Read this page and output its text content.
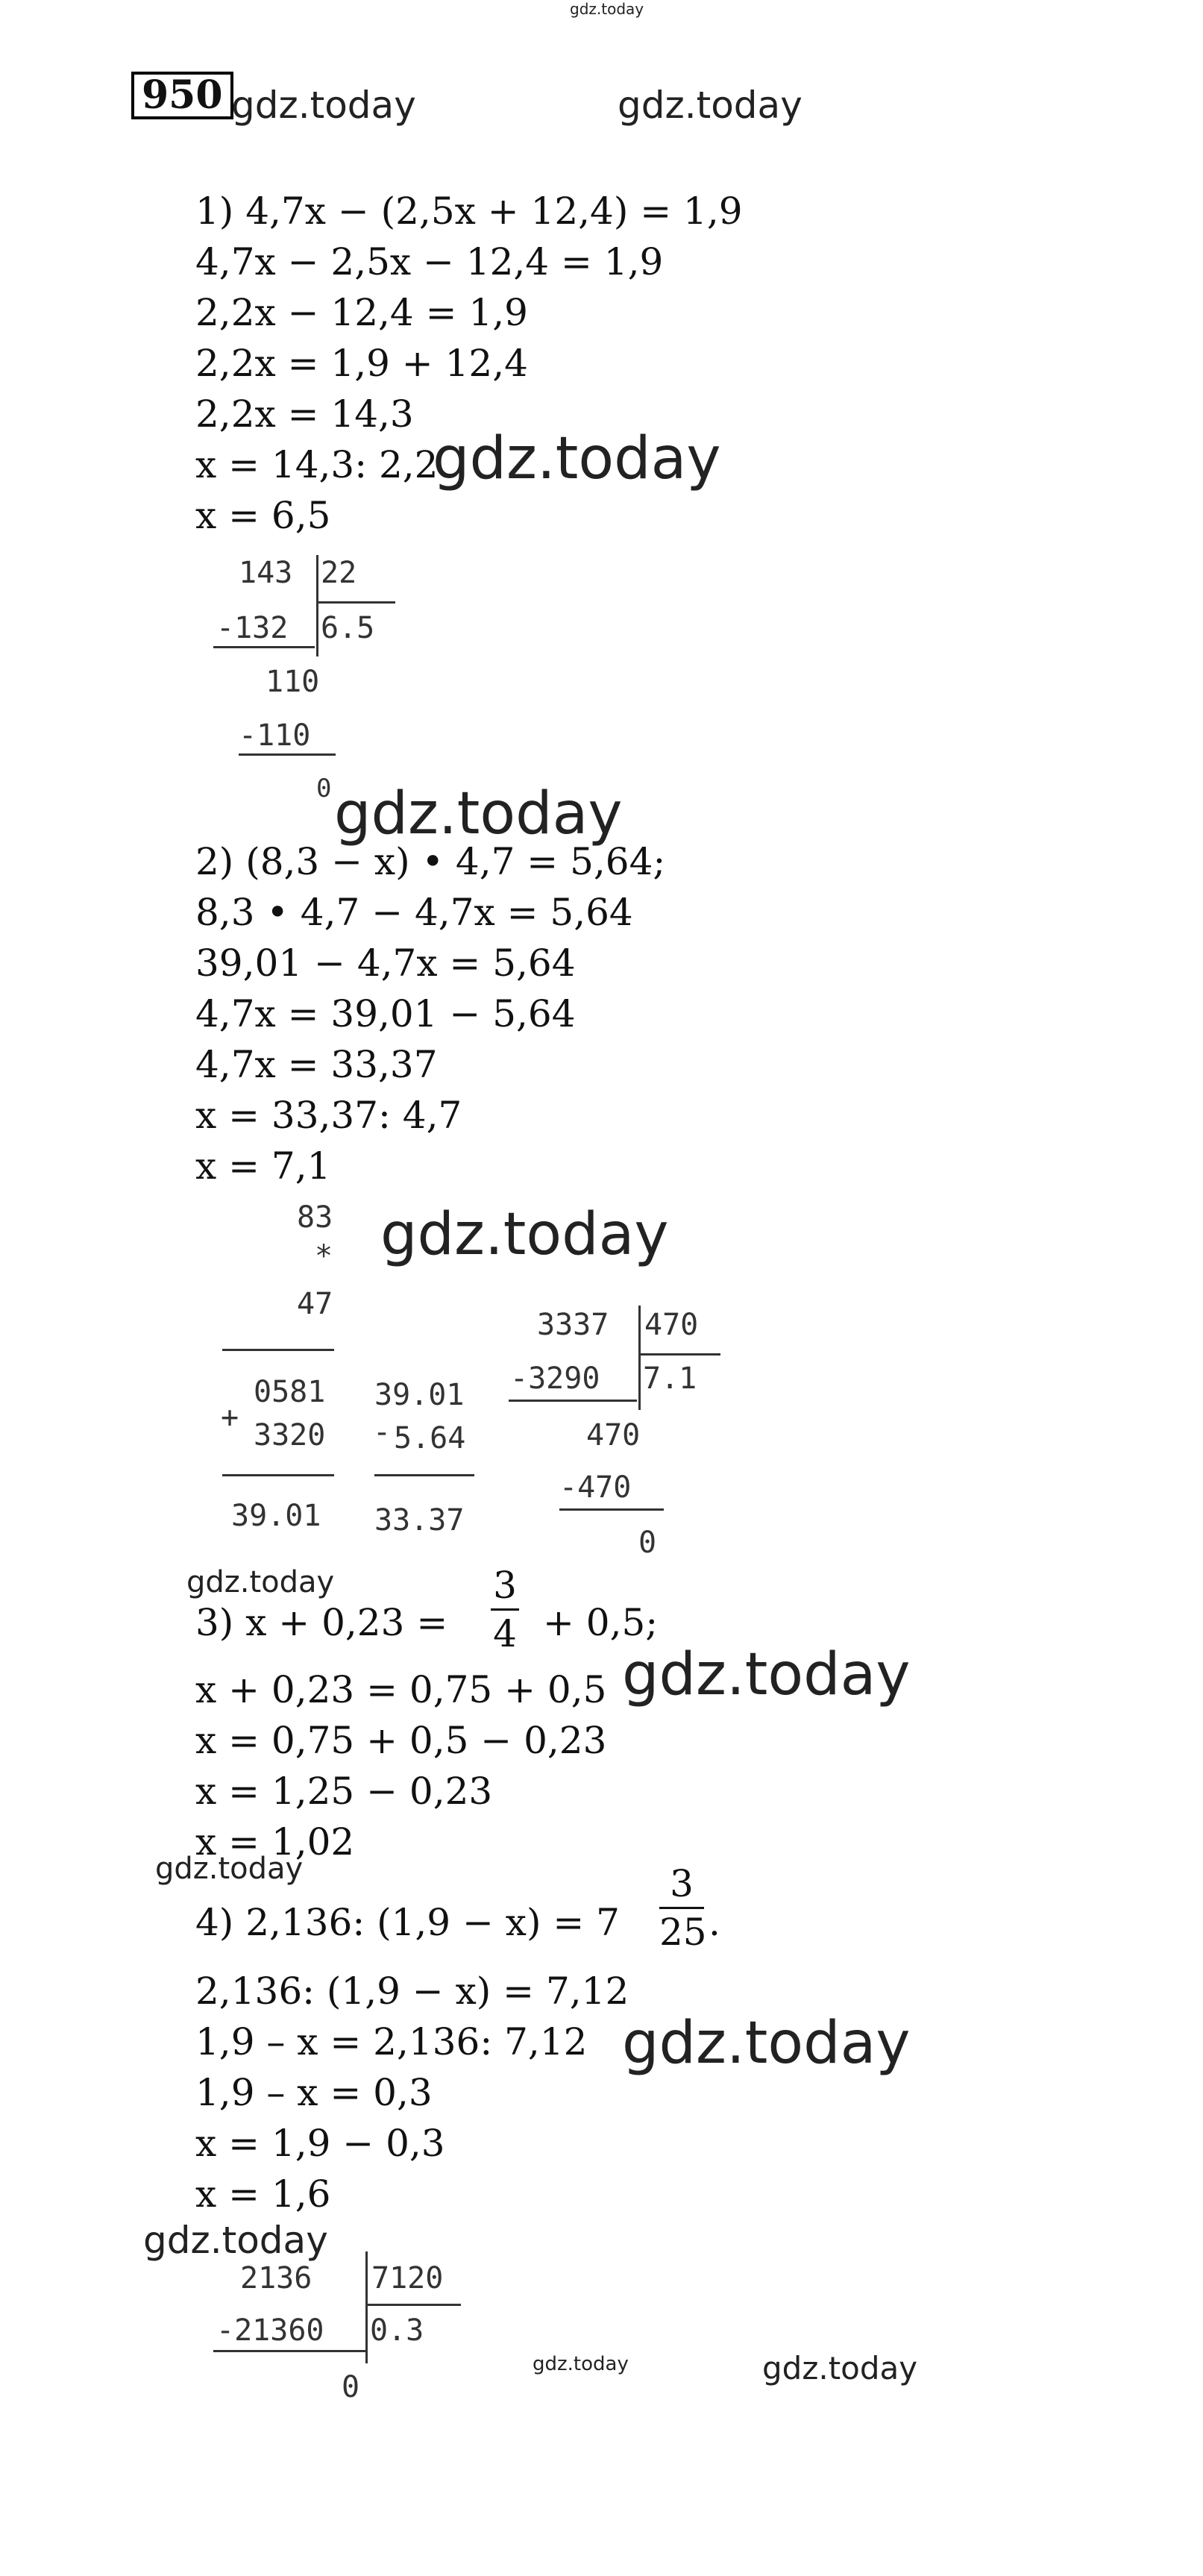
gdz.today
950 gdz.today	gdz.today
1) 4,7x − (2,5x + 12,4) = 1,9
4,7x − 2,5x − 12,4 = 1,9
2,2x − 12,4 = 1,9
2,2x = 1,9 + 12,4
2,2x = 14,3
x = 14,3: 2,2
gdz.today
x = 6,5
143 22
-132 6.5
110
-110
0 gdz.today
2) (8,3 − x) • 4,7 = 5,64;
8,3 • 4,7 − 4,7x = 5,64
39,01 − 4,7x = 5,64
4,7x = 39,01 − 5,64
4,7x = 33,37
x = 33,37: 4,7
x = 7,1
83
*
47
+
0581
3320
39.01
gdz.today
39.01
- 5.64
33.37
3337 470
-3290 7.1
470
-470
0
gdz.today
3) x + 0,23 =
3
4 + 0,5;
x + 0,23 = 0,75 + 0,5 gdz.today
x = 0,75 + 0,5 − 0,23
x = 1,25 − 0,23
x = 1,02
gdz.today
4) 2,136: (1,9 − x) = 7
3
25 .
2,136: (1,9 − x) = 7,12
1,9 – x = 2,136: 7,12 gdz.today
1,9 – x = 0,3
x = 1,9 − 0,3
x = 1,6
gdz.today
2136 7120
-21360 0.3
0
gdz.today	gdz.today
